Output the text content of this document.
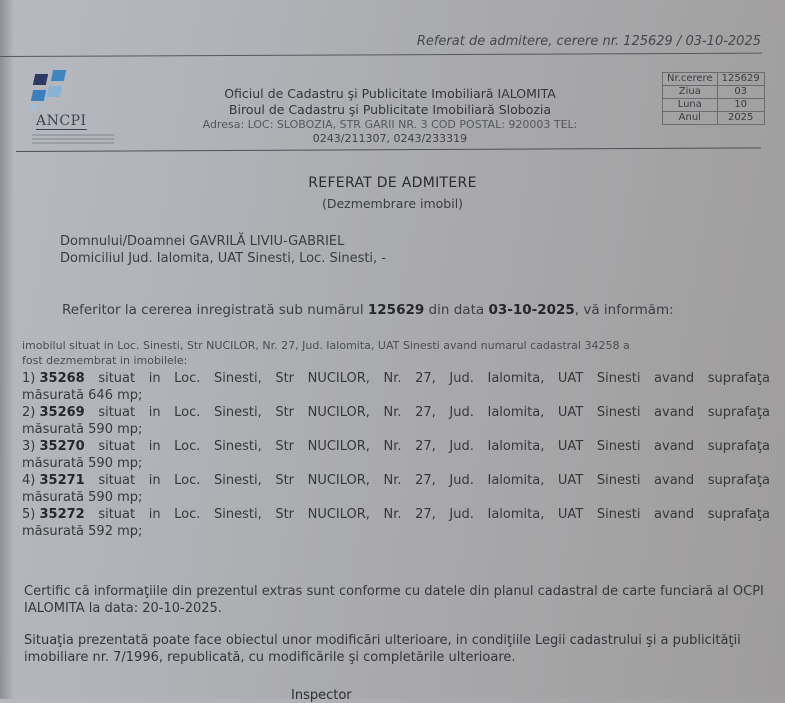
Referat de admitere, cerere nr. 125629 / 03-10-2025
ANCPI
Oficiul de Cadastru şi Publicitate Imobiliară IALOMITA
Biroul de Cadastru şi Publicitate Imobiliară Slobozia
Adresa: LOC: SLOBOZIA, STR GARII NR. 3 COD POSTAL: 920003 TEL:
0243/211307, 0243/233319
Nr.cerere	125629
Ziua	03
Luna	10
Anul	2025
REFERAT DE ADMITERE
(Dezmembrare imobil)
Domnului/Doamnei GAVRILĂ LIVIU-GABRIEL
Domiciliul Jud. Ialomita, UAT Sinesti, Loc. Sinesti, -
Referitor la cererea inregistrată sub numărul 125629 din data 03-10-2025, vă informăm:
imobilul situat in Loc. Sinesti, Str NUCILOR, Nr. 27, Jud. Ialomita, UAT Sinesti avand numarul cadastral 34258 a
fost dezmembrat in imobilele:
1) 35268 situat in Loc. Sinesti, Str NUCILOR, Nr. 27, Jud. Ialomita, UAT Sinesti avand suprafaţa
măsurată 646 mp;
2) 35269 situat in Loc. Sinesti, Str NUCILOR, Nr. 27, Jud. Ialomita, UAT Sinesti avand suprafaţa
măsurată 590 mp;
3) 35270 situat in Loc. Sinesti, Str NUCILOR, Nr. 27, Jud. Ialomita, UAT Sinesti avand suprafaţa
măsurată 590 mp;
4) 35271 situat in Loc. Sinesti, Str NUCILOR, Nr. 27, Jud. Ialomita, UAT Sinesti avand suprafaţa
măsurată 590 mp;
5) 35272 situat in Loc. Sinesti, Str NUCILOR, Nr. 27, Jud. Ialomita, UAT Sinesti avand suprafaţa
măsurată 592 mp;
Certific că informaţiile din prezentul extras sunt conforme cu datele din planul cadastral de carte funciară al OCPI IALOMITA la data: 20-10-2025.
Situaţia prezentată poate face obiectul unor modificări ulterioare, in condiţiile Legii cadastrului şi a publicităţii imobiliare nr. 7/1996, republicată, cu modificările şi completările ulterioare.
Inspector
